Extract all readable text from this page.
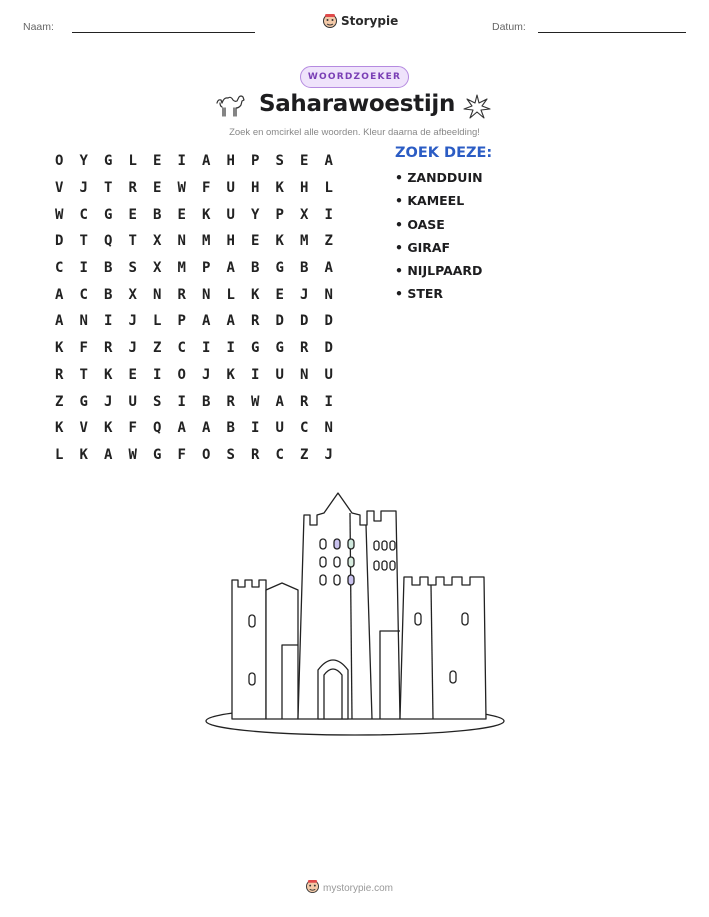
Naam:	Storypie	Datum:
WOORDZOEKER
Saharawoestijn
Zoek en omcirkel alle woorden. Kleur daarna de afbeelding!
O	Y	G	L	E	I	A	H	P	S	E	A
V	J	T	R	E	W	F	U	H	K	H	L
W	C	G	E	B	E	K	U	Y	P	X	I
D	T	Q	T	X	N	M	H	E	K	M	Z
C	I	B	S	X	M	P	A	B	G	B	A
A	C	B	X	N	R	N	L	K	E	J	N
A	N	I	J	L	P	A	A	R	D	D	D
K	F	R	J	Z	C	I	I	G	G	R	D
R	T	K	E	I	O	J	K	I	U	N	U
Z	G	J	U	S	I	B	R	W	A	R	I
K	V	K	F	Q	A	A	B	I	U	C	N
L	K	A	W	G	F	O	S	R	C	Z	J
ZOEK DEZE:
• ZANDDUIN
• KAMEEL
• OASE
• GIRAF
• NIJLPAARD
• STER
mystorypie.com
